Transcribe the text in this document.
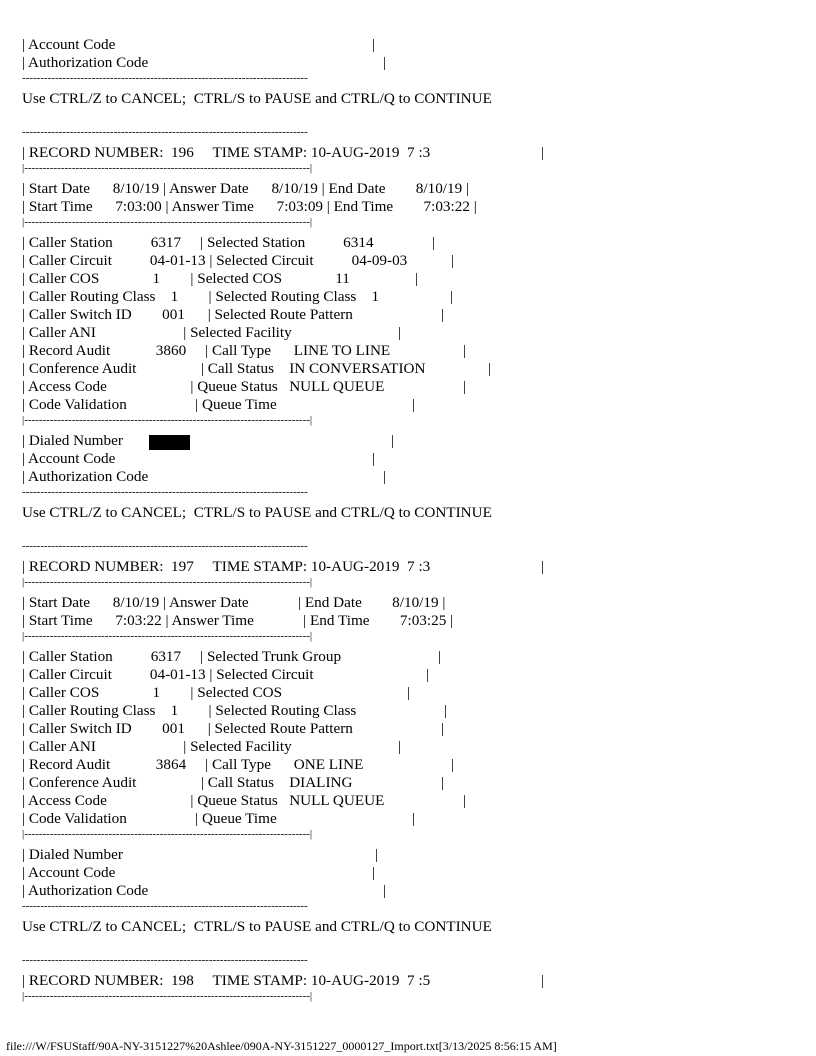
| Account Code	|
| Authorization Code	|
------------------------------------------------------------------------------
Use CTRL/Z to CANCEL;  CTRL/S to PAUSE and CTRL/Q to CONTINUE
------------------------------------------------------------------------------
| RECORD NUMBER:  196     TIME STAMP: 10-AUG-2019  7 :3	|
|------------------------------------------------------------------------------|
| Start Date      8/10/19 | Answer Date      8/10/19 | End Date        8/10/19 |
| Start Time      7:03:00 | Answer Time      7:03:09 | End Time        7:03:22 |
|------------------------------------------------------------------------------|
| Caller Station          6317     | Selected Station          6314	|
| Caller Circuit          04-01-13 | Selected Circuit          04-09-03	|
| Caller COS              1        | Selected COS              11	|
| Caller Routing Class    1        | Selected Routing Class    1	|
| Caller Switch ID        001      | Selected Route Pattern	|
| Caller ANI                       | Selected Facility	|
| Record Audit            3860     | Call Type      LINE TO LINE	|
| Conference Audit                 | Call Status    IN CONVERSATION	|
| Access Code                      | Queue Status   NULL QUEUE	|
| Code Validation                  | Queue Time	|
|------------------------------------------------------------------------------|
| Dialed Number	|
| Account Code	|
| Authorization Code	|
------------------------------------------------------------------------------
Use CTRL/Z to CANCEL;  CTRL/S to PAUSE and CTRL/Q to CONTINUE
------------------------------------------------------------------------------
| RECORD NUMBER:  197     TIME STAMP: 10-AUG-2019  7 :3	|
|------------------------------------------------------------------------------|
| Start Date      8/10/19 | Answer Date             | End Date        8/10/19 |
| Start Time      7:03:22 | Answer Time             | End Time        7:03:25 |
|------------------------------------------------------------------------------|
| Caller Station          6317     | Selected Trunk Group	|
| Caller Circuit          04-01-13 | Selected Circuit	|
| Caller COS              1        | Selected COS	|
| Caller Routing Class    1        | Selected Routing Class	|
| Caller Switch ID        001      | Selected Route Pattern	|
| Caller ANI                       | Selected Facility	|
| Record Audit            3864     | Call Type      ONE LINE	|
| Conference Audit                 | Call Status    DIALING	|
| Access Code                      | Queue Status   NULL QUEUE	|
| Code Validation                  | Queue Time	|
|------------------------------------------------------------------------------|
| Dialed Number	|
| Account Code	|
| Authorization Code	|
------------------------------------------------------------------------------
Use CTRL/Z to CANCEL;  CTRL/S to PAUSE and CTRL/Q to CONTINUE
------------------------------------------------------------------------------
| RECORD NUMBER:  198     TIME STAMP: 10-AUG-2019  7 :5	|
|------------------------------------------------------------------------------|
file:///W/FSUStaff/90A-NY-3151227%20Ashlee/090A-NY-3151227_0000127_Import.txt[3/13/2025 8:56:15 AM]
